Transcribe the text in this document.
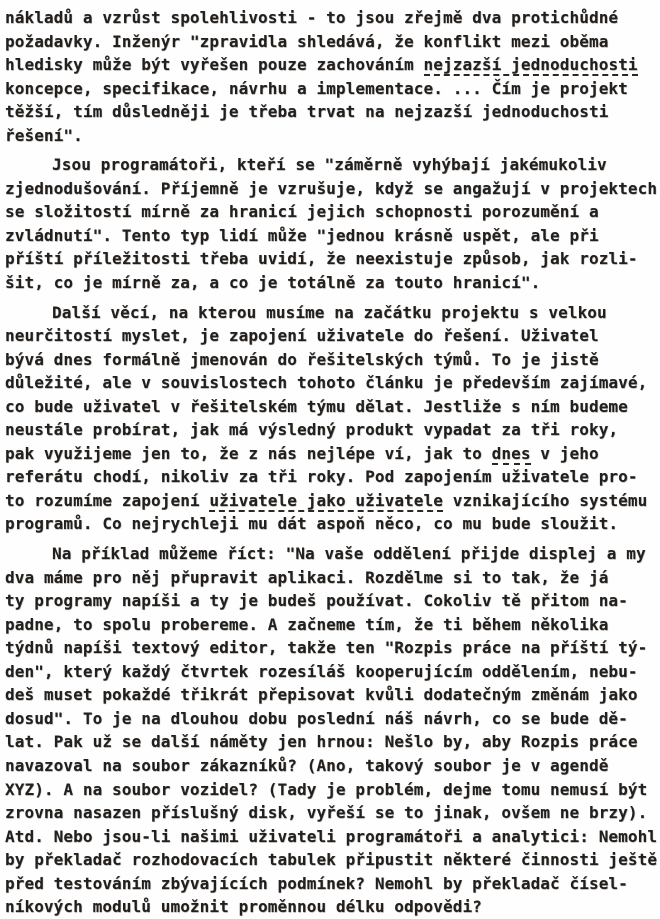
nákladů a vzrůst spolehlivosti - to jsou zřejmě dva protichůdné
požadavky. Inženýr "zpravidla shledává, že konflikt mezi oběma
hledisky může být vyřešen pouze zachováním nejzazší jednoduchosti
koncepce, specifikace, návrhu a implementace. ... Čím je projekt
těžší, tím důsledněji je třeba trvat na nejzazší jednoduchosti
řešení".
Jsou programátoři, kteří se "záměrně vyhýbají jakémukoliv
zjednodušování. Příjemně je vzrušuje, když se angažují v projektech
se složitostí mírně za hranicí jejich schopnosti porozumění a
zvládnutí". Tento typ lidí může "jednou krásně uspět, ale při
příští příležitosti třeba uvidí, že neexistuje způsob, jak rozli-
šit, co je mírně za, a co je totálně za touto hranicí".
Další věcí, na kterou musíme na začátku projektu s velkou
neurčitostí myslet, je zapojení uživatele do řešení. Uživatel
bývá dnes formálně jmenován do řešitelských týmů. To je jistě
důležité, ale v souvislostech tohoto článku je především zajímavé,
co bude uživatel v řešitelském týmu dělat. Jestliže s ním budeme
neustále probírat, jak má výsledný produkt vypadat za tři roky,
pak využijeme jen to, že z nás nejlépe ví, jak to dnes v jeho
referátu chodí, nikoliv za tři roky. Pod zapojením uživatele pro-
to rozumíme zapojení uživatele jako uživatele vznikajícího systému
programů. Co nejrychleji mu dát aspoň něco, co mu bude sloužit.
Na příklad můžeme říct: "Na vaše oddělení přijde displej a my
dva máme pro něj přupravit aplikaci. Rozdělme si to tak, že já
ty programy napíši a ty je budeš používat. Cokoliv tě přitom na-
padne, to spolu probereme. A začneme tím, že ti během několika
týdnů napíši textový editor, takže ten "Rozpis práce na příští tý-
den", který každý čtvrtek rozesíláš kooperujícím oddělením, nebu-
deš muset pokaždé třikrát přepisovat kvůli dodatečným změnám jako
dosud". To je na dlouhou dobu poslední náš návrh, co se bude dě-
lat. Pak už se další náměty jen hrnou: Nešlo by, aby Rozpis práce
navazoval na soubor zákazníků? (Ano, takový soubor je v agendě
XYZ). A na soubor vozidel? (Tady je problém, dejme tomu nemusí být
zrovna nasazen příslušný disk, vyřeší se to jinak, ovšem ne brzy).
Atd. Nebo jsou-li našimi uživateli programátoři a analytici: Nemohl
by překladač rozhodovacích tabulek připustit některé činnosti ještě
před testováním zbývajících podmínek? Nemohl by překladač čísel-
níkových modulů umožnit proměnnou délku odpovědi?
